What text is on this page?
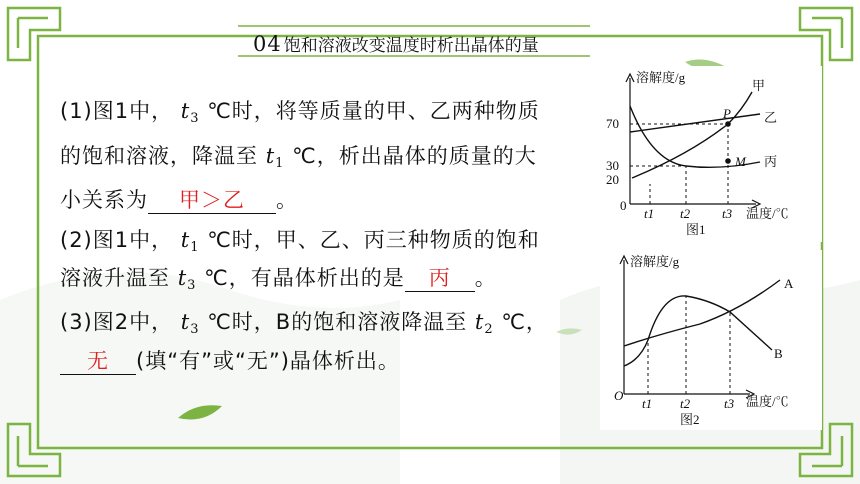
04 饱和溶液改变温度时析出晶体的量
(1)图1中， $t_3$ ℃时，将等质量的甲、乙两种物质
的饱和溶液，降温至 $t_1$ ℃，析出晶体的质量的大
小关系为 甲＞乙 。
(2)图1中， $t_1$ ℃时，甲、乙、丙三种物质的饱和
溶液升温至 $t_3$ ℃，有晶体析出的是 丙 。
(3)图2中， $t_3$ ℃时，B的饱和溶液降温至 $t_2$ ℃，
无 (填“有”或“无”)晶体析出。
溶解度/g
70
30
20
0
t1 t2 t3 温度/℃
图1
甲
乙
丙
P
M
溶解度/g
O
t1 t2	t3 温度/℃
图2
A
B
